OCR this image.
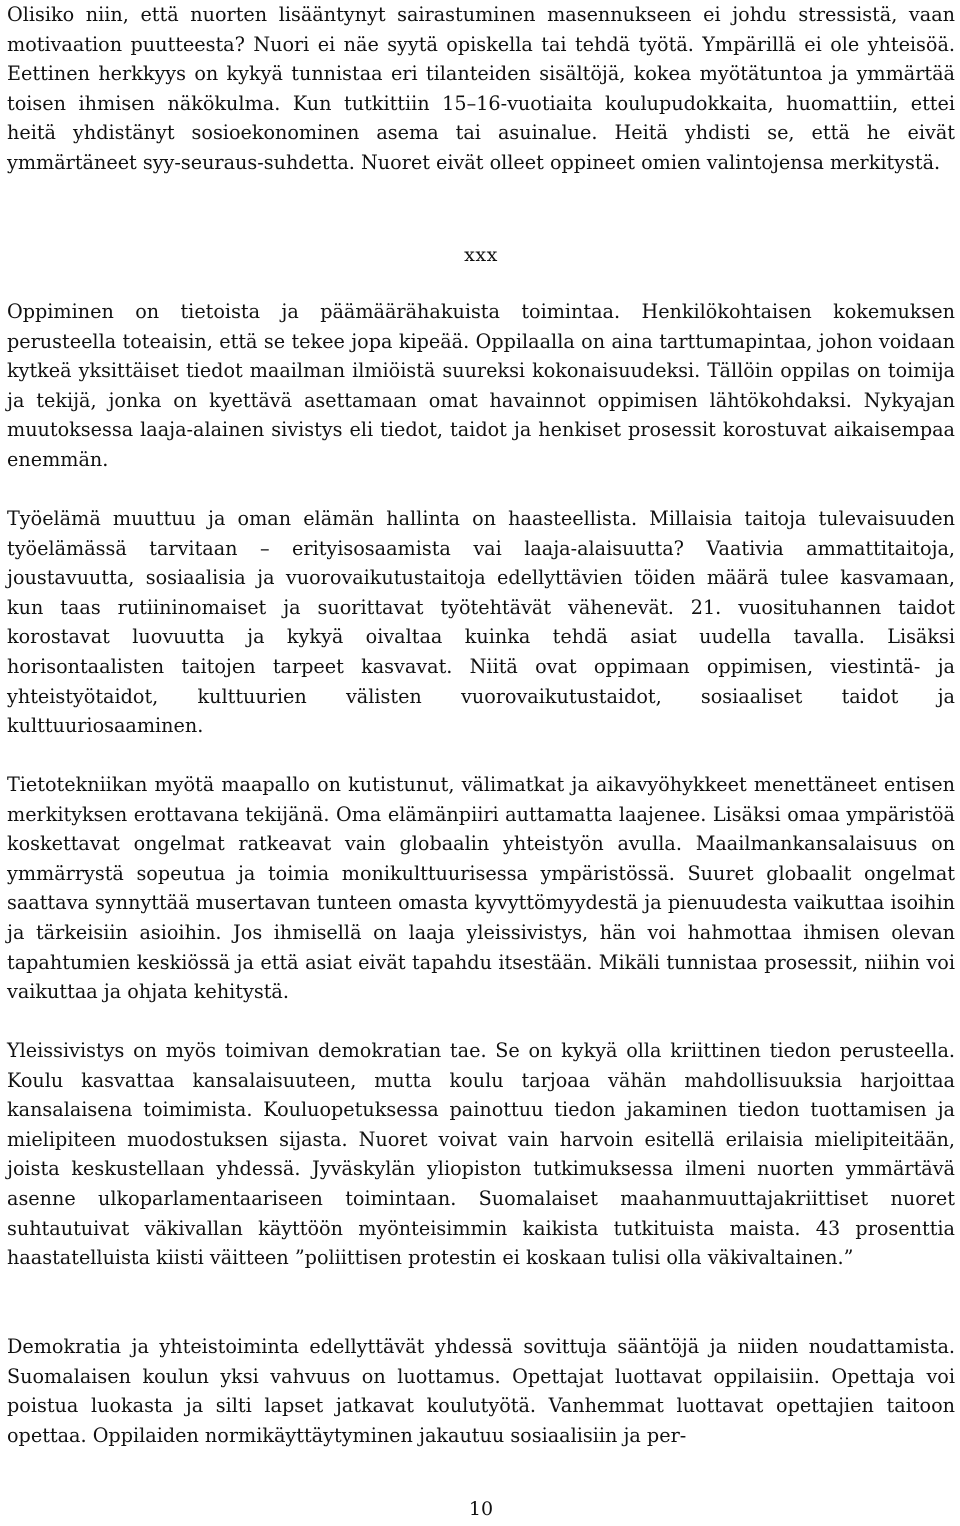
Olisiko niin, että nuorten lisääntynyt sairastuminen masennukseen ei johdu stressistä, vaan motivaation puutteesta? Nuori ei näe syytä opiskella tai tehdä työtä. Ympärillä ei ole yhteisöä. Eettinen herkkyys on kykyä tunnistaa eri tilanteiden sisältöjä, kokea myötätuntoa ja ymmärtää toisen ihmisen näkökulma. Kun tutkittiin 15–16-vuotiaita koulupudokkaita, huomattiin, ettei heitä yhdistänyt sosioekonominen asema tai asuinalue. Heitä yhdisti se, että he eivät ymmärtäneet syy-seuraus-suhdetta. Nuoret eivät olleet oppineet omien valintojensa merkitystä.

xxx

Oppiminen on tietoista ja päämäärähakuista toimintaa. Henkilökohtaisen kokemuksen perusteella toteaisin, että se tekee jopa kipeää. Oppilaalla on aina tarttumapintaa, johon voidaan kytkeä yksittäiset tiedot maailman ilmiöistä suureksi kokonaisuudeksi. Tällöin oppilas on toimija ja tekijä, jonka on kyettävä asettamaan omat havainnot oppimisen lähtökohdaksi. Nykyajan muutoksessa laaja-alainen sivistys eli tiedot, taidot ja henkiset prosessit korostuvat aikaisempaa enemmän.

Työelämä muuttuu ja oman elämän hallinta on haasteellista. Millaisia taitoja tulevaisuuden työelämässä tarvitaan – erityisosaamista vai laaja-alaisuutta? Vaativia ammattitaitoja, joustavuutta, sosiaalisia ja vuorovaikutustaitoja edellyttävien töiden määrä tulee kasvamaan, kun taas rutiininomaiset ja suorittavat työtehtävät vähenevät. 21. vuosituhannen taidot korostavat luovuutta ja kykyä oivaltaa kuinka tehdä asiat uudella tavalla. Lisäksi horisontaalisten taitojen tarpeet kasvavat. Niitä ovat oppimaan oppimisen, viestintä- ja yhteistyötaidot, kulttuurien välisten vuorovaikutustaidot, sosiaaliset taidot ja kulttuuriosaaminen.

Tietotekniikan myötä maapallo on kutistunut, välimatkat ja aikavyöhykkeet menettäneet entisen merkityksen erottavana tekijänä. Oma elämänpiiri auttamatta laajenee. Lisäksi omaa ympäristöä koskettavat ongelmat ratkeavat vain globaalin yhteistyön avulla. Maailmankansalaisuus on ymmärrystä sopeutua ja toimia monikulttuurisessa ympäristössä. Suuret globaalit ongelmat saattava synnyttää musertavan tunteen omasta kyvyttömyydestä ja pienuudesta vaikuttaa isoihin ja tärkeisiin asioihin. Jos ihmisellä on laaja yleissivistys, hän voi hahmottaa ihmisen olevan tapahtumien keskiössä ja että asiat eivät tapahdu itsestään. Mikäli tunnistaa prosessit, niihin voi vaikuttaa ja ohjata kehitystä.

Yleissivistys on myös toimivan demokratian tae. Se on kykyä olla kriittinen tiedon perusteella. Koulu kasvattaa kansalaisuuteen, mutta koulu tarjoaa vähän mahdollisuuksia harjoittaa kansalaisena toimimista. Kouluopetuksessa painottuu tiedon jakaminen tiedon tuottamisen ja mielipiteen muodostuksen sijasta. Nuoret voivat vain harvoin esitellä erilaisia mielipiteitään, joista keskustellaan yhdessä. Jyväskylän yliopiston tutkimuksessa ilmeni nuorten ymmärtävä asenne ulkoparlamentaariseen toimintaan. Suomalaiset maahanmuuttajakriittiset nuoret suhtautuivat väkivallan käyttöön myönteisimmin kaikista tutkituista maista. 43 prosenttia haastatelluista kiisti väitteen ”poliittisen protestin ei koskaan tulisi olla väkivaltainen.”

Demokratia ja yhteistoiminta edellyttävät yhdessä sovittuja sääntöjä ja niiden noudattamista. Suomalaisen koulun yksi vahvuus on luottamus. Opettajat luottavat oppilaisiin. Opettaja voi poistua luokasta ja silti lapset jatkavat koulutyötä. Vanhemmat luottavat opettajien taitoon opettaa. Oppilaiden normikäyttäytyminen jakautuu sosiaalisiin ja per-

10
